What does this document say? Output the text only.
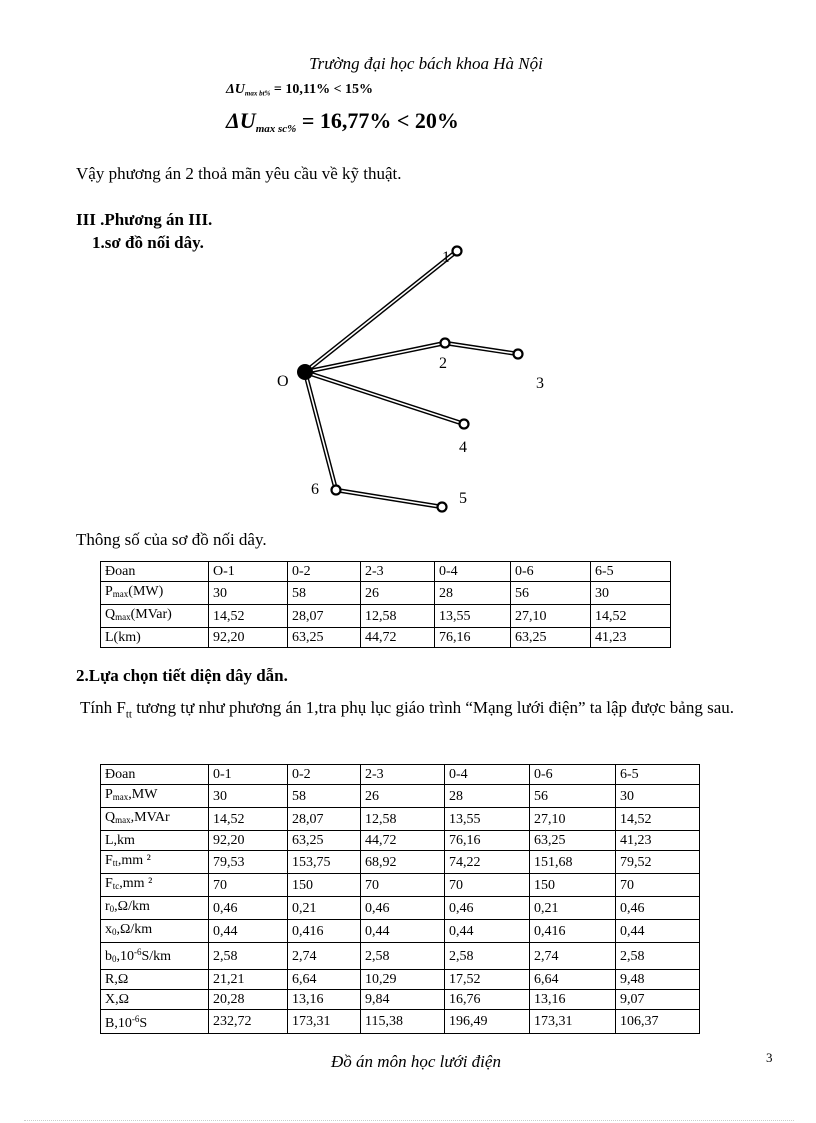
Trường đại học bách khoa Hà Nội
$\Delta U_{max bt\%} = 10,11\% < 15\%$
$\Delta U_{max sc\%} = 16,77\% < 20\%$
Vậy phương án 2 thoả mãn yêu cầu về kỹ thuật.
III .Phương án III.
1.sơ đồ nối dây.
O
1
2
3
4
5
6
Thông số của sơ đồ nối dây.
Đoan	O-1	0-2	2-3	0-4	0-6	6-5
$P_{max}(MW)$	30	58	26	28	56	30
$Q_{max}(MVar)$	14,52	28,07	12,58	13,55	27,10	14,52
L(km)	92,20	63,25	44,72	76,16	63,25	41,23
2.Lựa chọn tiết diện dây dẫn.
Tính $F_{tt}$ tương tự như phương án 1,tra phụ lục giáo trình “Mạng lưới điện” ta lập được bảng sau.
Đoan	0-1	0-2	2-3	0-4	0-6	6-5
$P_{max},MW$	30	58	26	28	56	30
$Q_{max},MVAr$	14,52	28,07	12,58	13,55	27,10	14,52
L,km	92,20	63,25	44,72	76,16	63,25	41,23
$F_{tt},mm$ ²	79,53	153,75	68,92	74,22	151,68	79,52
$F_{tc},mm$ ²	70	150	70	70	150	70
$r_0,\Omega/km$	0,46	0,21	0,46	0,46	0,21	0,46
$x_0,\Omega/km$	0,44	0,416	0,44	0,44	0,416	0,44
$b_0,10^{-6}S/km$	2,58	2,74	2,58	2,58	2,74	2,58
R,Ω	21,21	6,64	10,29	17,52	6,64	9,48
X,Ω	20,28	13,16	9,84	16,76	13,16	9,07
$B,10^{-6}S$	232,72	173,31	115,38	196,49	173,31	106,37
Đồ án môn học lưới điện	3
